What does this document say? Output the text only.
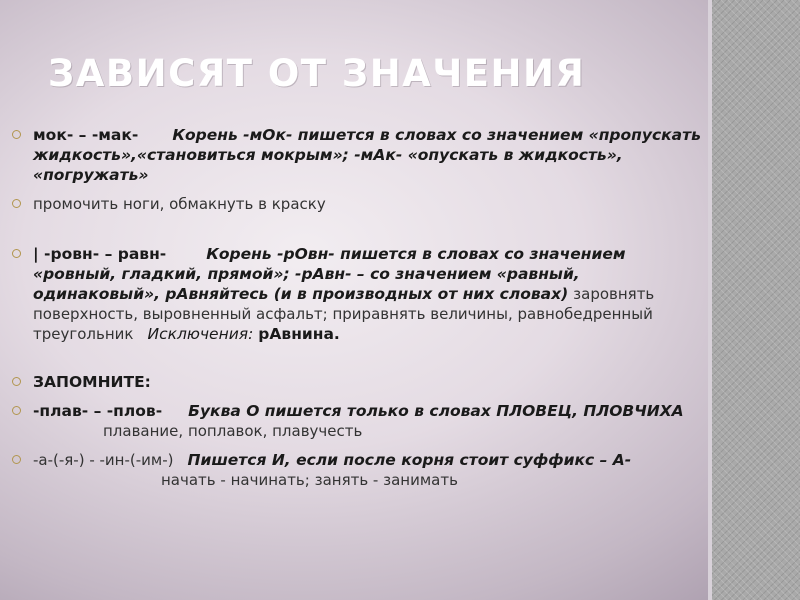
ЗАВИСЯТ ОТ ЗНАЧЕНИЯ
мок- – -мак- Корень -мОк- пишется в словах со значением «пропускать жидкость»,«становиться мокрым»; -мАк- «опускать в жидкость», «погружать»
промочить ноги, обмакнуть в краску
| -ровн- – равн-	Корень -рОвн- пишется в словах со значением «ровный, гладкий, прямой»; -рАвн- – со значением «равный, одинаковый», рАвняйтесь (и в производных от них словах) заровнять поверхность, выровненный асфальт; приравнять величины, равнобедренный треугольник Исключения: рАвнина.
ЗАПОМНИТЕ:
-плав- – -плов- Буква О пишется только в словах ПЛОВЕЦ, ПЛОВЧИХАплавание, поплавок, плавучесть
-а-(-я-) - -ин-(-им-) Пишется И, если после корня стоит суффикс – А-начать - начинать; занять - занимать
